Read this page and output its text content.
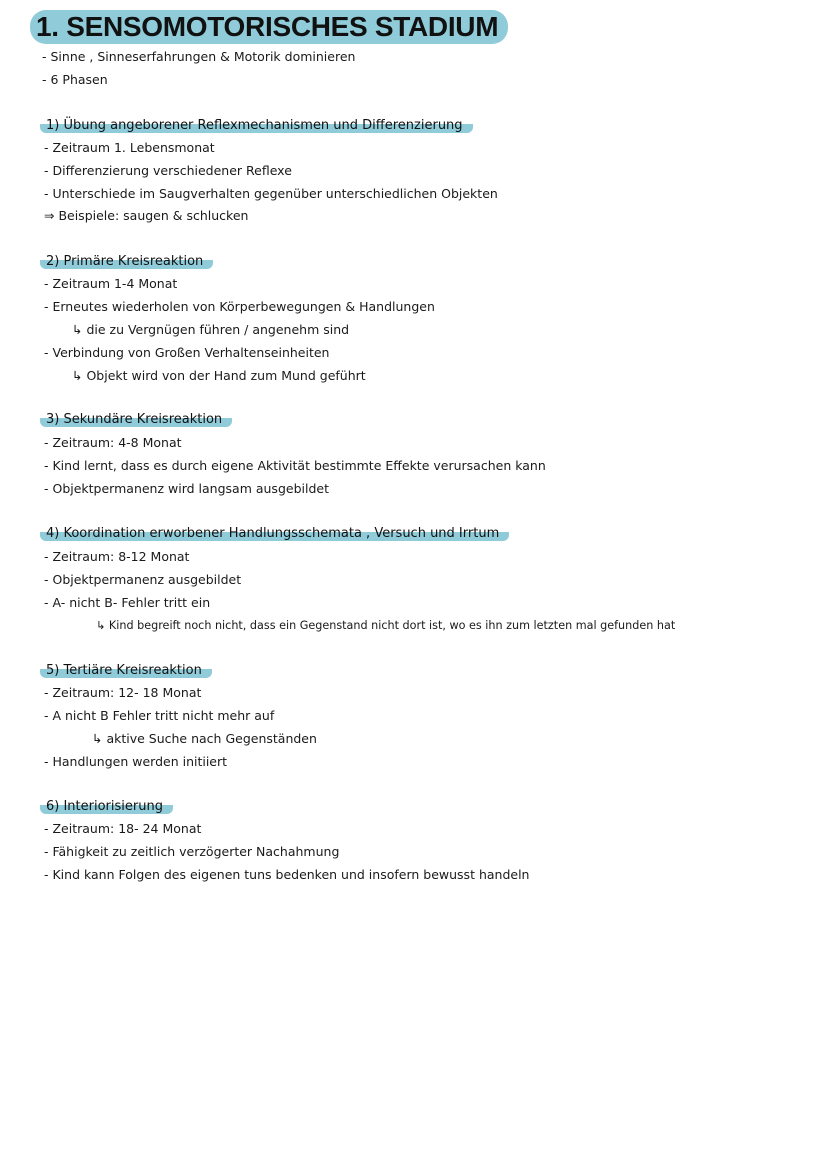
1. SENSOMOTORISCHES STADIUM
- Sinne , Sinneserfahrungen & Motorik dominieren
- 6 Phasen
1) Übung angeborener Reflexmechanismen und Differenzierung
- Zeitraum 1. Lebensmonat
- Differenzierung verschiedener Reflexe
- Unterschiede im Saugverhalten gegenüber unterschiedlichen Objekten
⇒ Beispiele: saugen & schlucken
2) Primäre Kreisreaktion
- Zeitraum 1-4 Monat
- Erneutes wiederholen von Körperbewegungen & Handlungen
↳ die zu Vergnügen führen / angenehm sind
- Verbindung von Großen Verhaltenseinheiten
↳ Objekt wird von der Hand zum Mund geführt
3) Sekundäre Kreisreaktion
- Zeitraum: 4-8 Monat
- Kind lernt, dass es durch eigene Aktivität bestimmte Effekte verursachen kann
- Objektpermanenz wird langsam ausgebildet
4) Koordination erworbener Handlungsschemata , Versuch und Irrtum
- Zeitraum: 8-12 Monat
- Objektpermanenz ausgebildet
- A- nicht B- Fehler tritt ein
↳ Kind begreift noch nicht, dass ein Gegenstand nicht dort ist, wo es ihn zum letzten mal gefunden hat
5) Tertiäre Kreisreaktion
- Zeitraum: 12- 18 Monat
- A nicht B Fehler tritt nicht mehr auf
↳ aktive Suche nach Gegenständen
- Handlungen werden initiiert
6) Interiorisierung
- Zeitraum: 18- 24 Monat
- Fähigkeit zu zeitlich verzögerter Nachahmung
- Kind kann Folgen des eigenen tuns bedenken und insofern bewusst handeln
